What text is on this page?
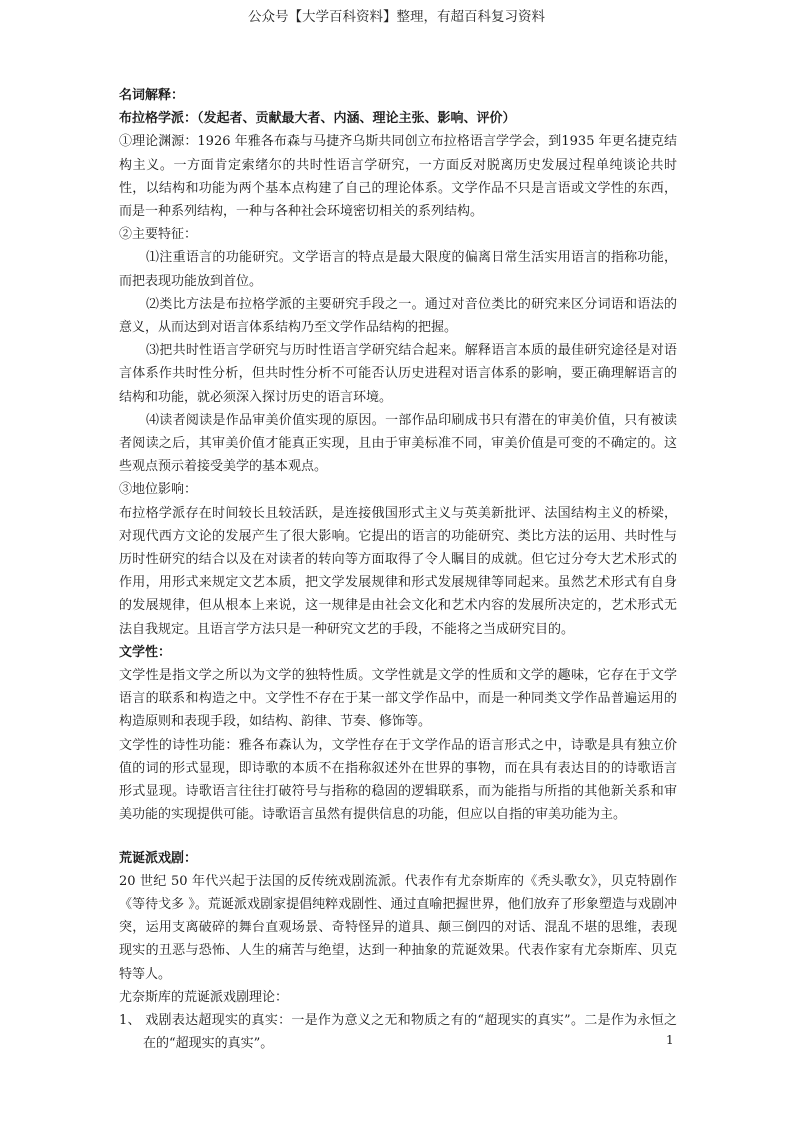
公众号【大学百科资料】整理，有超百科复习资料

名词解释：

布拉格学派：（发起者、贡献最大者、内涵、理论主张、影响、评价）

①理论渊源：1926 年雅各布森与马捷齐乌斯共同创立布拉格语言学学会，到1935 年更名捷克结构主义。一方面肯定索绪尔的共时性语言学研究，一方面反对脱离历史发展过程单纯谈论共时性，以结构和功能为两个基本点构建了自己的理论体系。文学作品不只是言语或文学性的东西，而是一种系列结构，一种与各种社会环境密切相关的系列结构。

②主要特征：

⑴注重语言的功能研究。文学语言的特点是最大限度的偏离日常生活实用语言的指称功能，而把表现功能放到首位。

⑵类比方法是布拉格学派的主要研究手段之一。通过对音位类比的研究来区分词语和语法的意义，从而达到对语言体系结构乃至文学作品结构的把握。

⑶把共时性语言学研究与历时性语言学研究结合起来。解释语言本质的最佳研究途径是对语言体系作共时性分析，但共时性分析不可能否认历史进程对语言体系的影响，要正确理解语言的结构和功能，就必须深入探讨历史的语言环境。

⑷读者阅读是作品审美价值实现的原因。一部作品印刷成书只有潜在的审美价值，只有被读者阅读之后，其审美价值才能真正实现，且由于审美标准不同，审美价值是可变的不确定的。这些观点预示着接受美学的基本观点。

③地位影响：

布拉格学派存在时间较长且较活跃，是连接俄国形式主义与英美新批评、法国结构主义的桥梁，对现代西方文论的发展产生了很大影响。它提出的语言的功能研究、类比方法的运用、共时性与历时性研究的结合以及在对读者的转向等方面取得了令人瞩目的成就。但它过分夸大艺术形式的作用，用形式来规定文艺本质，把文学发展规律和形式发展规律等同起来。虽然艺术形式有自身的发展规律，但从根本上来说，这一规律是由社会文化和艺术内容的发展所决定的，艺术形式无法自我规定。且语言学方法只是一种研究文艺的手段，不能将之当成研究目的。

文学性：

文学性是指文学之所以为文学的独特性质。文学性就是文学的性质和文学的趣味，它存在于文学语言的联系和构造之中。文学性不存在于某一部文学作品中，而是一种同类文学作品普遍运用的构造原则和表现手段，如结构、韵律、节奏、修饰等。

文学性的诗性功能：雅各布森认为，文学性存在于文学作品的语言形式之中，诗歌是具有独立价值的词的形式显现，即诗歌的本质不在指称叙述外在世界的事物，而在具有表达目的的诗歌语言形式显现。诗歌语言往往打破符号与指称的稳固的逻辑联系，而为能指与所指的其他新关系和审美功能的实现提供可能。诗歌语言虽然有提供信息的功能，但应以自指的审美功能为主。

荒诞派戏剧：

20 世纪 50 年代兴起于法国的反传统戏剧流派。代表作有尤奈斯库的《秃头歌女》，贝克特剧作《等待戈多 》。荒诞派戏剧家提倡纯粹戏剧性、通过直喻把握世界，他们放弃了形象塑造与戏剧冲突，运用支离破碎的舞台直观场景、奇特怪异的道具、颠三倒四的对话、混乱不堪的思维，表现现实的丑恶与恐怖、人生的痛苦与绝望，达到一种抽象的荒诞效果。代表作家有尤奈斯库、贝克特等人。

尤奈斯库的荒诞派戏剧理论：

1、 戏剧表达超现实的真实：一是作为意义之无和物质之有的“超现实的真实”。二是作为永恒之在的“超现实的真实”。	1
